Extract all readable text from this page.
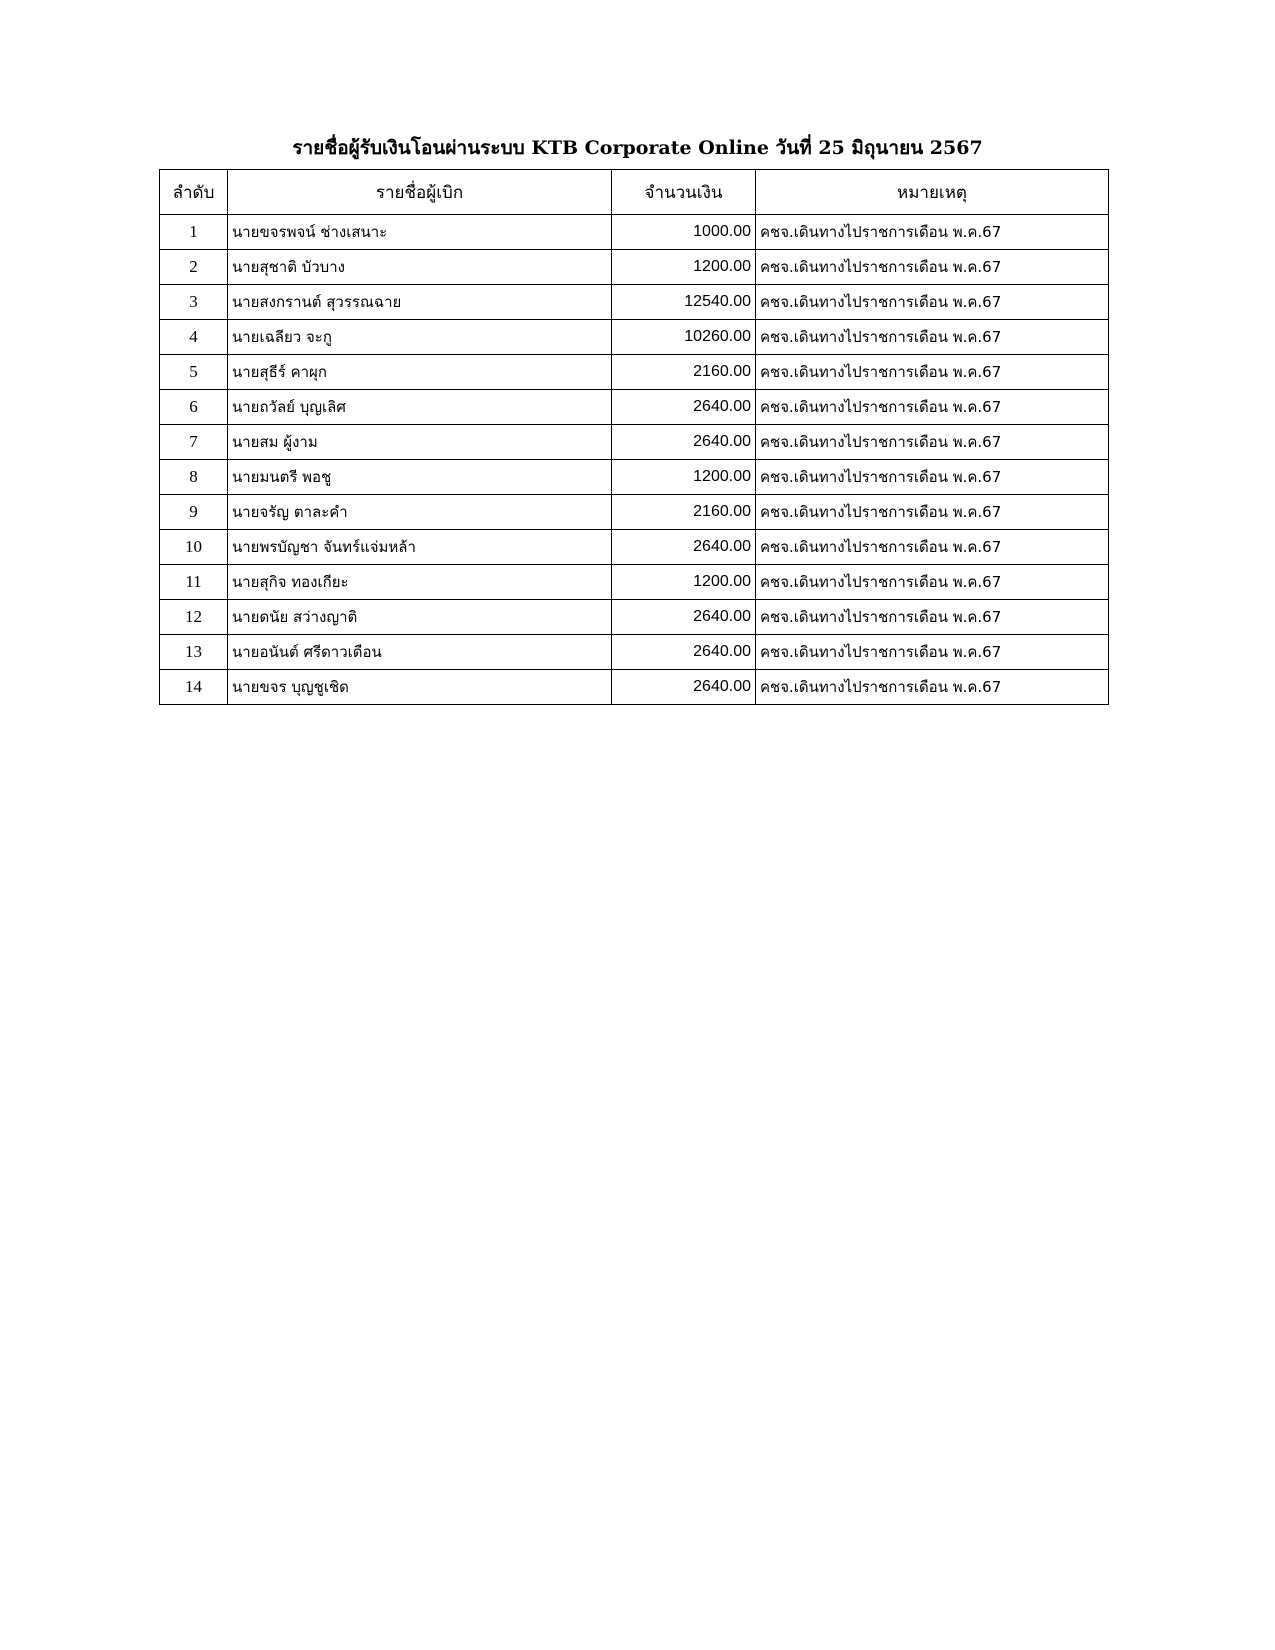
รายชื่อผู้รับเงินโอนผ่านระบบ KTB Corporate Online วันที่ 25 มิถุนายน 2567
ลำดับ	รายชื่อผู้เบิก	จำนวนเงิน	หมายเหตุ
1	นายขจรพจน์ ช่างเสนาะ	1000.00	คชจ.เดินทางไปราชการเดือน พ.ค.67
2	นายสุชาติ บัวบาง	1200.00	คชจ.เดินทางไปราชการเดือน พ.ค.67
3	นายสงกรานต์ สุวรรณฉาย	12540.00	คชจ.เดินทางไปราชการเดือน พ.ค.67
4	นายเฉลียว จะกู	10260.00	คชจ.เดินทางไปราชการเดือน พ.ค.67
5	นายสุธีร์ คาผุก	2160.00	คชจ.เดินทางไปราชการเดือน พ.ค.67
6	นายถวัลย์ บุญเลิศ	2640.00	คชจ.เดินทางไปราชการเดือน พ.ค.67
7	นายสม ผู้งาม	2640.00	คชจ.เดินทางไปราชการเดือน พ.ค.67
8	นายมนตรี พอชู	1200.00	คชจ.เดินทางไปราชการเดือน พ.ค.67
9	นายจรัญ ตาละคำ	2160.00	คชจ.เดินทางไปราชการเดือน พ.ค.67
10	นายพรบัญชา จันทร์แจ่มหล้า	2640.00	คชจ.เดินทางไปราชการเดือน พ.ค.67
11	นายสุกิจ ทองเกียะ	1200.00	คชจ.เดินทางไปราชการเดือน พ.ค.67
12	นายดนัย สว่างญาติ	2640.00	คชจ.เดินทางไปราชการเดือน พ.ค.67
13	นายอนันต์ ศรีดาวเดือน	2640.00	คชจ.เดินทางไปราชการเดือน พ.ค.67
14	นายขจร บุญชูเชิด	2640.00	คชจ.เดินทางไปราชการเดือน พ.ค.67
